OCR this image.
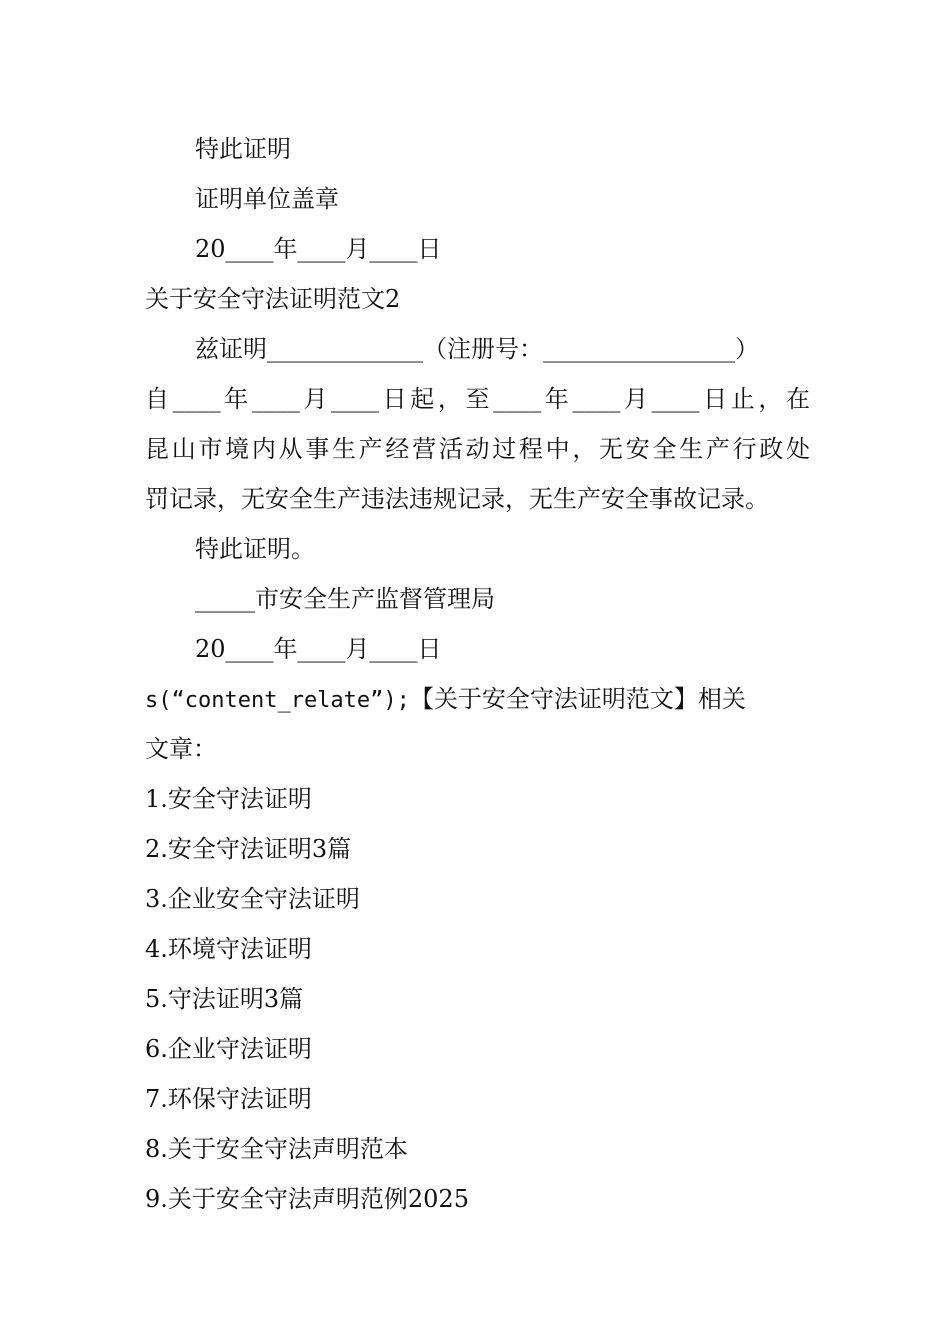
特此证明
证明单位盖章
20____年____月____日
关于安全守法证明范文2
兹证明_____________（注册号：________________）
自____年____月____日起，至____年____月____日止，在
昆山市境内从事生产经营活动过程中，无安全生产行政处
罚记录，无安全生产违法违规记录，无生产安全事故记录。
特此证明。
_____市安全生产监督管理局
20____年____月____日
s(“content_relate”);【关于安全守法证明范文】相关
文章：
1.安全守法证明
2.安全守法证明3篇
3.企业安全守法证明
4.环境守法证明
5.守法证明3篇
6.企业守法证明
7.环保守法证明
8.关于安全守法声明范本
9.关于安全守法声明范例2025
